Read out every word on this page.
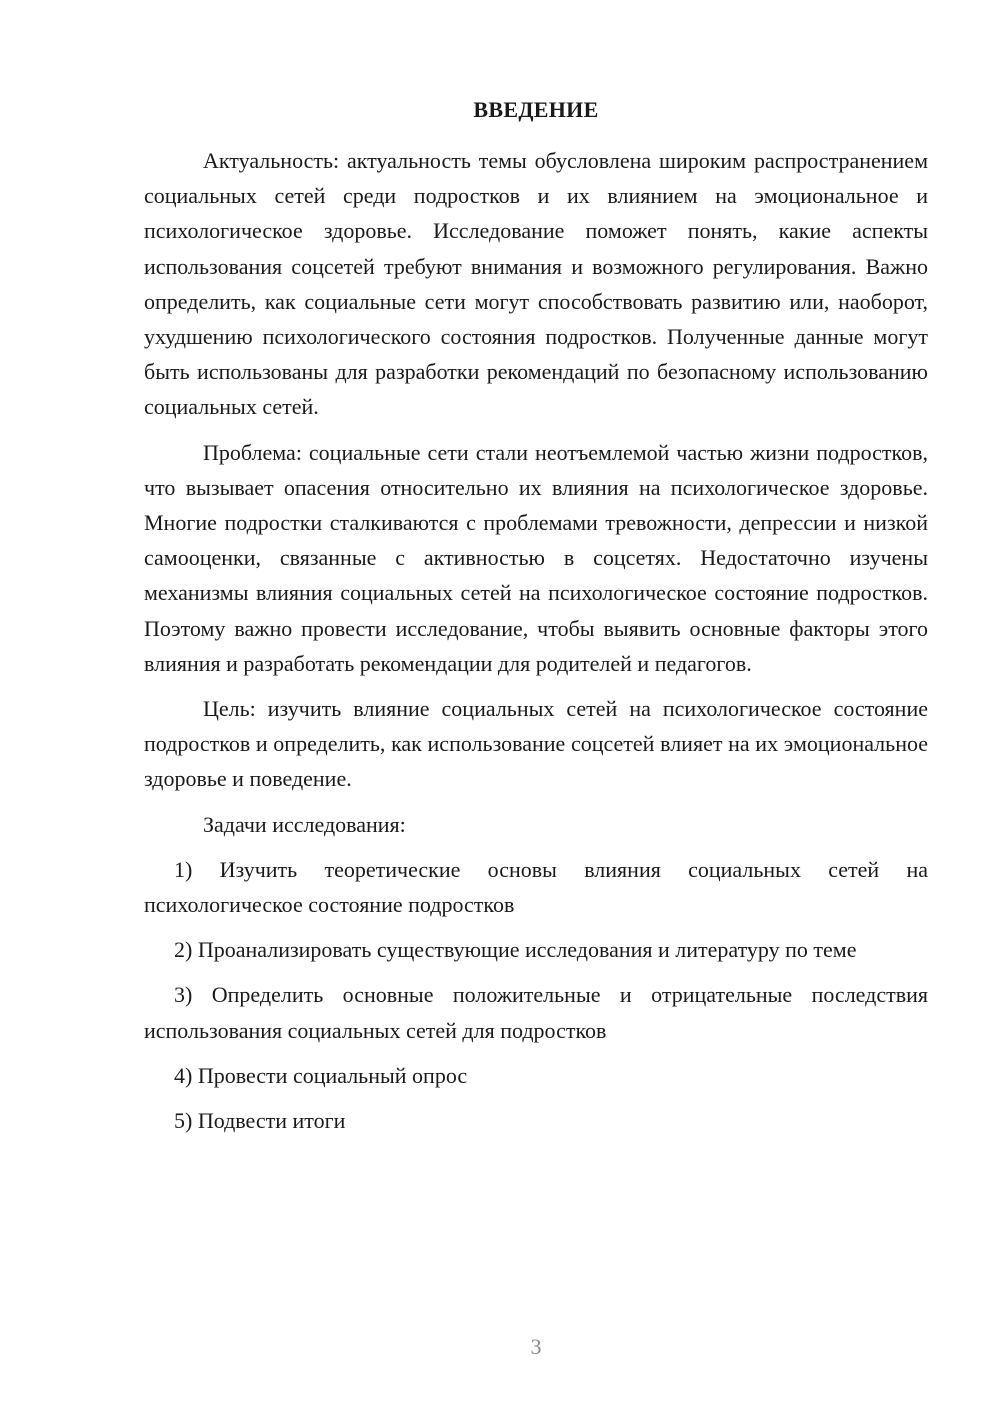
ВВЕДЕНИЕ

Актуальность: актуальность темы обусловлена широким распространением социальных сетей среди подростков и их влиянием на эмоциональное и психологическое здоровье. Исследование поможет понять, какие аспекты использования соцсетей требуют внимания и возможного регулирования. Важно определить, как социальные сети могут способствовать развитию или, наоборот, ухудшению психологического состояния подростков. Полученные данные могут быть использованы для разработки рекомендаций по безопасному использованию социальных сетей.

Проблема: социальные сети стали неотъемлемой частью жизни подростков, что вызывает опасения относительно их влияния на психологическое здоровье. Многие подростки сталкиваются с проблемами тревожности, депрессии и низкой самооценки, связанные с активностью в соцсетях. Недостаточно изучены механизмы влияния социальных сетей на психологическое состояние подростков. Поэтому важно провести исследование, чтобы выявить основные факторы этого влияния и разработать рекомендации для родителей и педагогов.

Цель: изучить влияние социальных сетей на психологическое состояние подростков и определить, как использование соцсетей влияет на их эмоциональное здоровье и поведение.

Задачи исследования:

1) Изучить теоретические основы влияния социальных сетей на психологическое состояние подростков

2) Проанализировать существующие исследования и литературу по теме

3) Определить основные положительные и отрицательные последствия использования социальных сетей для подростков

4) Провести социальный опрос

5) Подвести итоги

3
